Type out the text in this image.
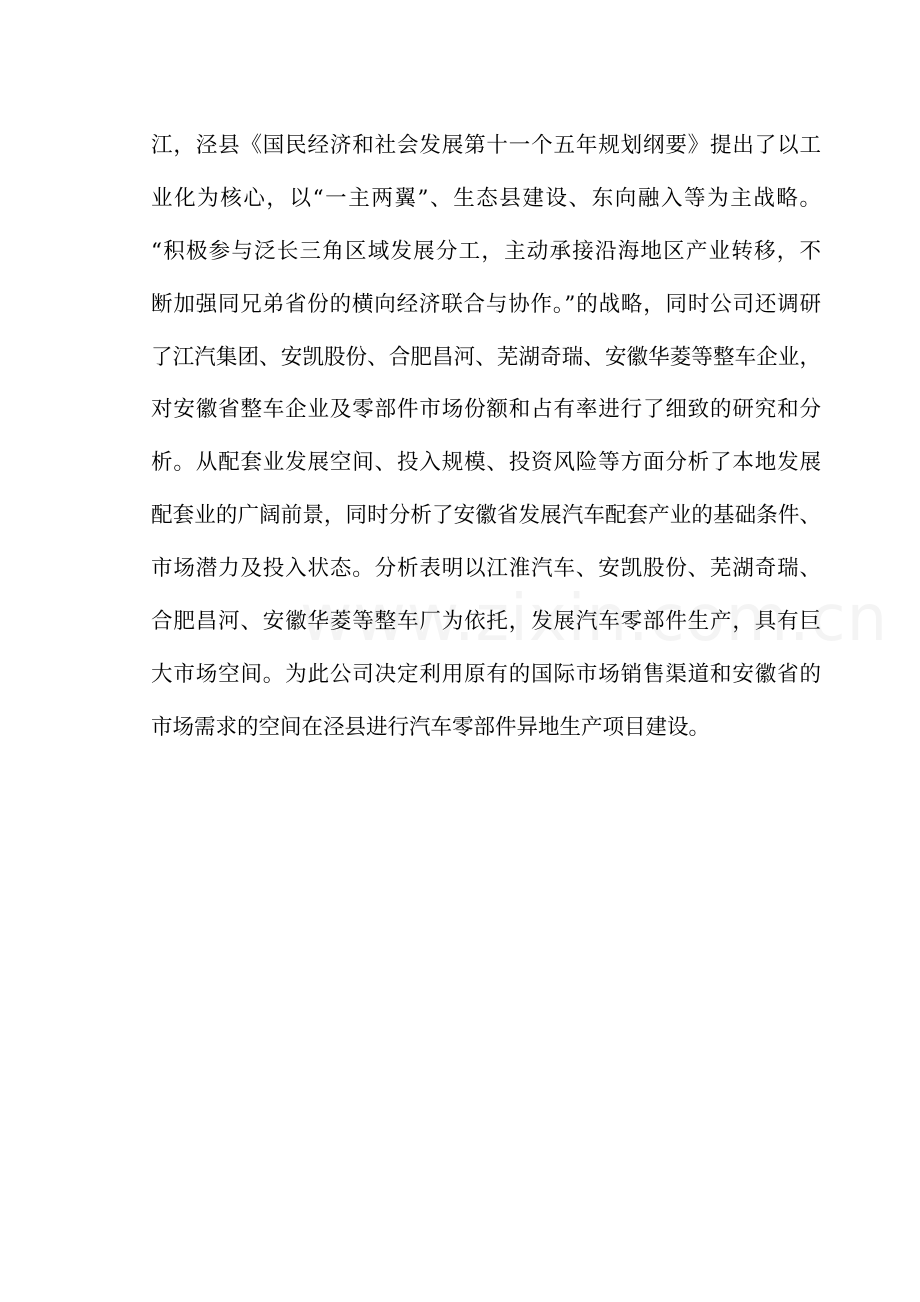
江，泾县《国民经济和社会发展第十一个五年规划纲要》提出了以工
业化为核心，以“一主两翼”、生态县建设、东向融入等为主战略。
“积极参与泛长三角区域发展分工，主动承接沿海地区产业转移，不
断加强同兄弟省份的横向经济联合与协作。”的战略，同时公司还调研
了江汽集团、安凯股份、合肥昌河、芜湖奇瑞、安徽华菱等整车企业，
对安徽省整车企业及零部件市场份额和占有率进行了细致的研究和分
析。从配套业发展空间、投入规模、投资风险等方面分析了本地发展
配套业的广阔前景，同时分析了安徽省发展汽车配套产业的基础条件、
市场潜力及投入状态。分析表明以江淮汽车、安凯股份、芜湖奇瑞、
合肥昌河、安徽华菱等整车厂为依托，发展汽车零部件生产，具有巨
大市场空间。为此公司决定利用原有的国际市场销售渠道和安徽省的
市场需求的空间在泾县进行汽车零部件异地生产项目建设。
